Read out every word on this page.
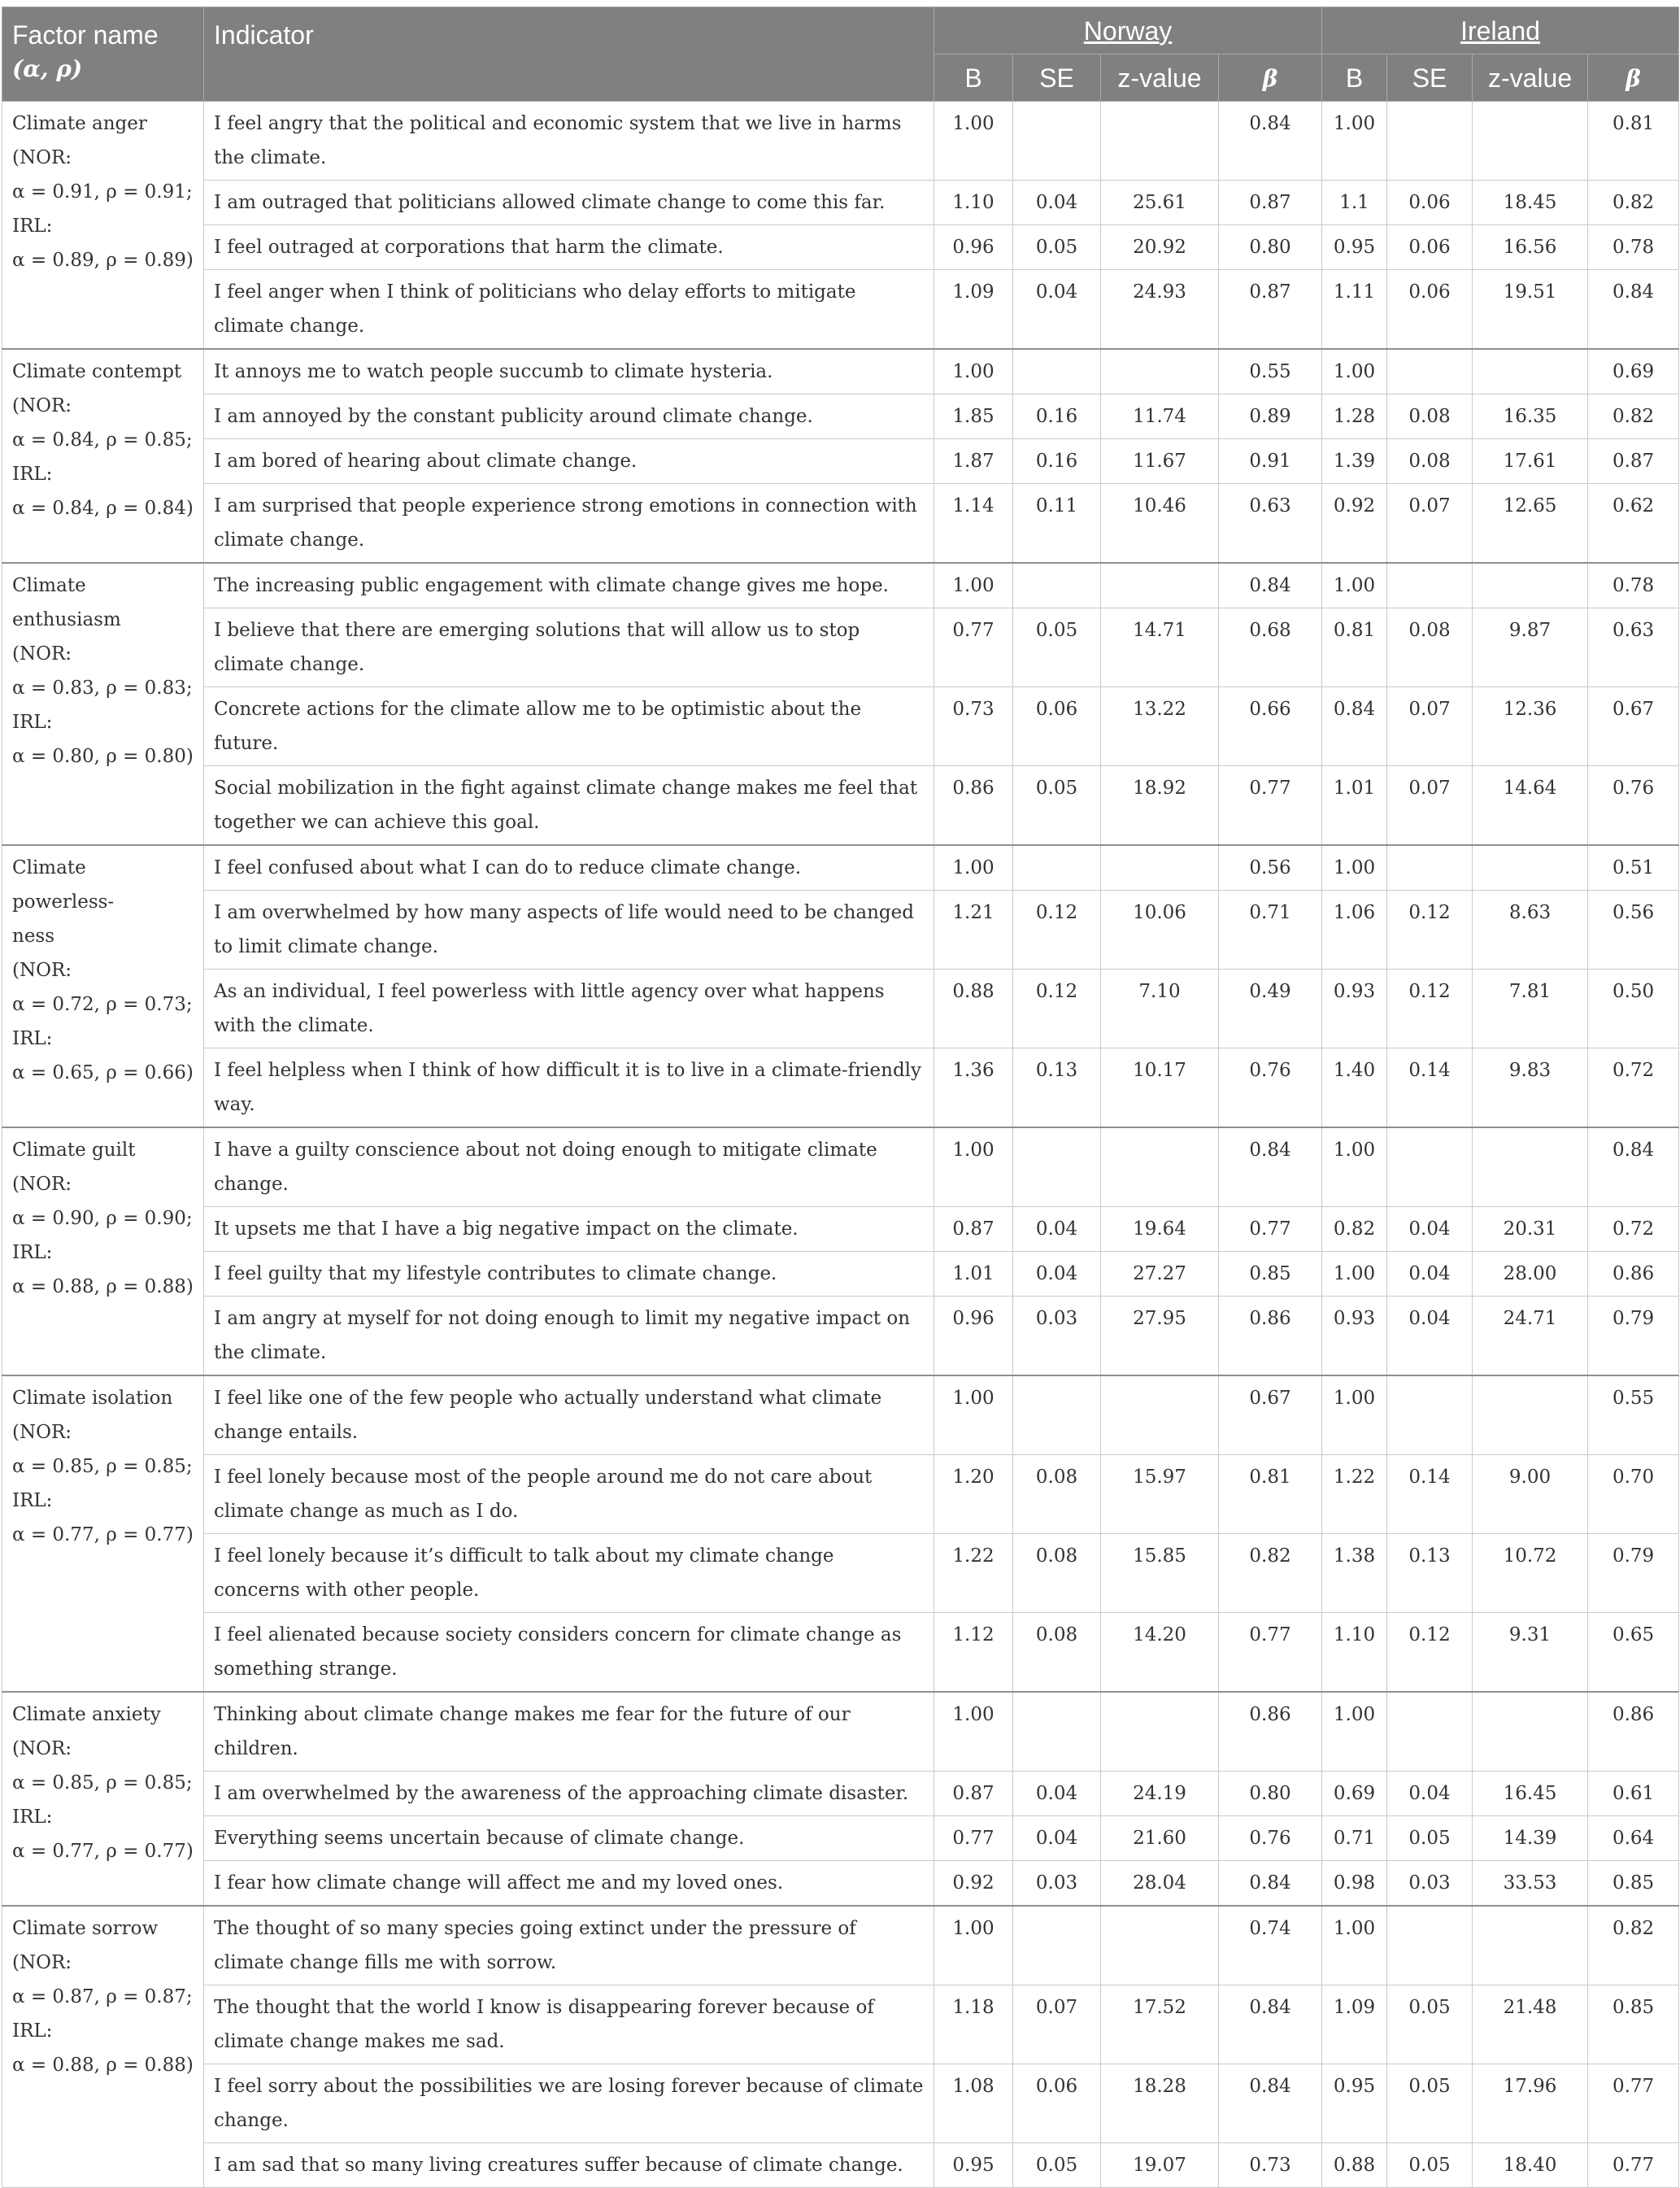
Factor name
(α, ρ)	Indicator	Norway				Ireland			
		B	SE	z-value	β	B	SE	z-value	β

Climate anger
(NOR:
α = 0.91, ρ = 0.91; IRL:
α = 0.89, ρ = 0.89)	I feel angry that the political and economic system that we live in harms the climate.	1.00			0.84	1.00			0.81
	I am outraged that politicians allowed climate change to come this far.	1.10	0.04	25.61	0.87	1.1	0.06	18.45	0.82
	I feel outraged at corporations that harm the climate.	0.96	0.05	20.92	0.80	0.95	0.06	16.56	0.78
	I feel anger when I think of politicians who delay efforts to mitigate climate change.	1.09	0.04	24.93	0.87	1.11	0.06	19.51	0.84

Climate contempt
(NOR:
α = 0.84, ρ = 0.85; IRL:
α = 0.84, ρ = 0.84)	It annoys me to watch people succumb to climate hysteria.	1.00			0.55	1.00			0.69
	I am annoyed by the constant publicity around climate change.	1.85	0.16	11.74	0.89	1.28	0.08	16.35	0.82
	I am bored of hearing about climate change.	1.87	0.16	11.67	0.91	1.39	0.08	17.61	0.87
	I am surprised that people experience strong emotions in connection with climate change.	1.14	0.11	10.46	0.63	0.92	0.07	12.65	0.62

Climate enthusiasm
(NOR:
α = 0.83, ρ = 0.83; IRL:
α = 0.80, ρ = 0.80)	The increasing public engagement with climate change gives me hope.	1.00			0.84	1.00			0.78
	I believe that there are emerging solutions that will allow us to stop climate change.	0.77	0.05	14.71	0.68	0.81	0.08	9.87	0.63
	Concrete actions for the climate allow me to be optimistic about the future.	0.73	0.06	13.22	0.66	0.84	0.07	12.36	0.67
	Social mobilization in the fight against climate change makes me feel that together we can achieve this goal.	0.86	0.05	18.92	0.77	1.01	0.07	14.64	0.76

Climate powerless-
ness
(NOR:
α = 0.72, ρ = 0.73; IRL:
α = 0.65, ρ = 0.66)	I feel confused about what I can do to reduce climate change.	1.00			0.56	1.00			0.51
	I am overwhelmed by how many aspects of life would need to be changed to limit climate change.	1.21	0.12	10.06	0.71	1.06	0.12	8.63	0.56
	As an individual, I feel powerless with little agency over what happens with the climate.	0.88	0.12	7.10	0.49	0.93	0.12	7.81	0.50
	I feel helpless when I think of how difficult it is to live in a climate-friendly way.	1.36	0.13	10.17	0.76	1.40	0.14	9.83	0.72

Climate guilt
(NOR:
α = 0.90, ρ = 0.90; IRL:
α = 0.88, ρ = 0.88)	I have a guilty conscience about not doing enough to mitigate climate change.	1.00			0.84	1.00			0.84
	It upsets me that I have a big negative impact on the climate.	0.87	0.04	19.64	0.77	0.82	0.04	20.31	0.72
	I feel guilty that my lifestyle contributes to climate change.	1.01	0.04	27.27	0.85	1.00	0.04	28.00	0.86
	I am angry at myself for not doing enough to limit my negative impact on the climate.	0.96	0.03	27.95	0.86	0.93	0.04	24.71	0.79

Climate isolation
(NOR:
α = 0.85, ρ = 0.85; IRL:
α = 0.77, ρ = 0.77)	I feel like one of the few people who actually understand what climate change entails.	1.00			0.67	1.00			0.55
	I feel lonely because most of the people around me do not care about climate change as much as I do.	1.20	0.08	15.97	0.81	1.22	0.14	9.00	0.70
	I feel lonely because it’s difficult to talk about my climate change concerns with other people.	1.22	0.08	15.85	0.82	1.38	0.13	10.72	0.79
	I feel alienated because society considers concern for climate change as something strange.	1.12	0.08	14.20	0.77	1.10	0.12	9.31	0.65

Climate anxiety
(NOR:
α = 0.85, ρ = 0.85; IRL:
α = 0.77, ρ = 0.77)	Thinking about climate change makes me fear for the future of our children.	1.00			0.86	1.00			0.86
	I am overwhelmed by the awareness of the approaching climate disaster.	0.87	0.04	24.19	0.80	0.69	0.04	16.45	0.61
	Everything seems uncertain because of climate change.	0.77	0.04	21.60	0.76	0.71	0.05	14.39	0.64
	I fear how climate change will affect me and my loved ones.	0.92	0.03	28.04	0.84	0.98	0.03	33.53	0.85

Climate sorrow
(NOR:
α = 0.87, ρ = 0.87; IRL:
α = 0.88, ρ = 0.88)	The thought of so many species going extinct under the pressure of climate change fills me with sorrow.	1.00			0.74	1.00			0.82
	The thought that the world I know is disappearing forever because of climate change makes me sad.	1.18	0.07	17.52	0.84	1.09	0.05	21.48	0.85
	I feel sorry about the possibilities we are losing forever because of climate change.	1.08	0.06	18.28	0.84	0.95	0.05	17.96	0.77
	I am sad that so many living creatures suffer because of climate change.	0.95	0.05	19.07	0.73	0.88	0.05	18.40	0.77
